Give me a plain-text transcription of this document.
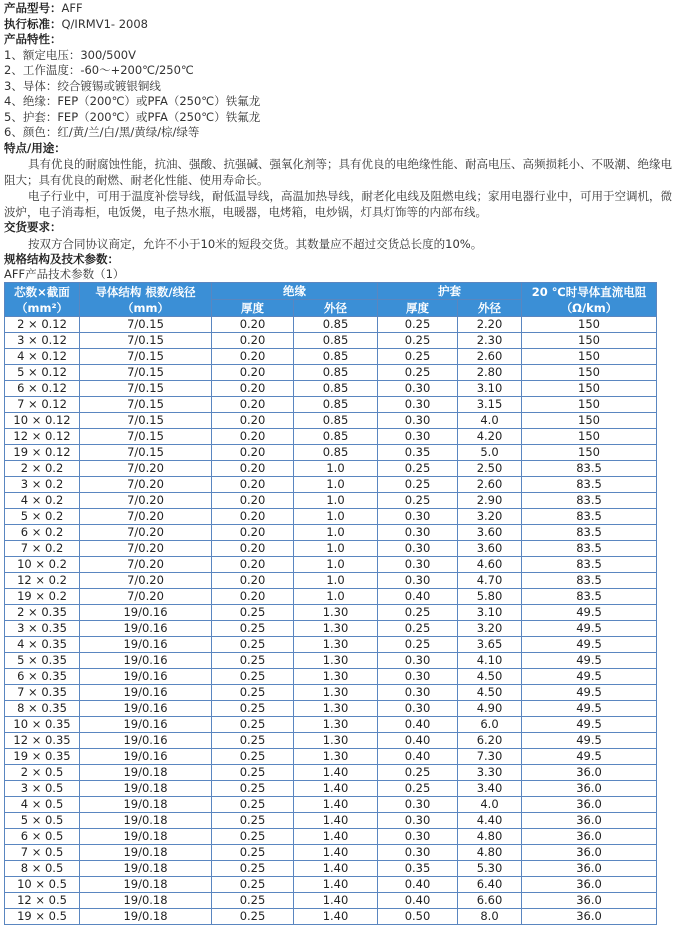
产品型号：AFF
执行标准：Q/IRMV1- 2008
产品特性：
1、额定电压：300/500V
2、工作温度：-60～+200℃/250℃
3、导体：绞合镀锡或镀银铜线
4、绝缘：FEP（200℃）或PFA（250℃）铁氟龙
5、护套：FEP（200℃）或PFA（250℃）铁氟龙
6、颜色：红/黄/兰/白/黑/黄绿/棕/绿等
特点/用途：

具有优良的耐腐蚀性能，抗油、强酸、抗强碱、强氧化剂等；具有优良的电绝缘性能、耐高电压、高频损耗小、不吸潮、绝缘电阻大；具有优良的耐燃、耐老化性能、使用寿命长。

电子行业中，可用于温度补偿导线，耐低温导线，高温加热导线，耐老化电线及阻燃电线；家用电器行业中，可用于空调机，微波炉，电子消毒柜，电饭煲，电子热水瓶，电暖器，电烤箱，电炒锅，灯具灯饰等的内部布线。

交货要求：

按双方合同协议商定，允许不小于10米的短段交货。其数量应不超过交货总长度的10%。

规格结构及技术参数：
AFF产品技术参数（1）
芯数×截面（mm²）	导体结构 根数/线径（mm）	绝缘		护套		20 ℃时导体直流电阻（Ω/km）
		厚度	外径	厚度	外径	
2 × 0.12	7/0.15	0.20	0.85	0.25	2.20	150
3 × 0.12	7/0.15	0.20	0.85	0.25	2.30	150
4 × 0.12	7/0.15	0.20	0.85	0.25	2.60	150
5 × 0.12	7/0.15	0.20	0.85	0.25	2.80	150
6 × 0.12	7/0.15	0.20	0.85	0.30	3.10	150
7 × 0.12	7/0.15	0.20	0.85	0.30	3.15	150
10 × 0.12	7/0.15	0.20	0.85	0.30	4.0	150
12 × 0.12	7/0.15	0.20	0.85	0.30	4.20	150
19 × 0.12	7/0.15	0.20	0.85	0.35	5.0	150
2 × 0.2	7/0.20	0.20	1.0	0.25	2.50	83.5
3 × 0.2	7/0.20	0.20	1.0	0.25	2.60	83.5
4 × 0.2	7/0.20	0.20	1.0	0.25	2.90	83.5
5 × 0.2	7/0.20	0.20	1.0	0.30	3.20	83.5
6 × 0.2	7/0.20	0.20	1.0	0.30	3.60	83.5
7 × 0.2	7/0.20	0.20	1.0	0.30	3.60	83.5
10 × 0.2	7/0.20	0.20	1.0	0.30	4.60	83.5
12 × 0.2	7/0.20	0.20	1.0	0.30	4.70	83.5
19 × 0.2	7/0.20	0.20	1.0	0.40	5.80	83.5
2 × 0.35	19/0.16	0.25	1.30	0.25	3.10	49.5
3 × 0.35	19/0.16	0.25	1.30	0.25	3.20	49.5
4 × 0.35	19/0.16	0.25	1.30	0.25	3.65	49.5
5 × 0.35	19/0.16	0.25	1.30	0.30	4.10	49.5
6 × 0.35	19/0.16	0.25	1.30	0.30	4.50	49.5
7 × 0.35	19/0.16	0.25	1.30	0.30	4.50	49.5
8 × 0.35	19/0.16	0.25	1.30	0.30	4.90	49.5
10 × 0.35	19/0.16	0.25	1.30	0.40	6.0	49.5
12 × 0.35	19/0.16	0.25	1.30	0.40	6.20	49.5
19 × 0.35	19/0.16	0.25	1.30	0.40	7.30	49.5
2 × 0.5	19/0.18	0.25	1.40	0.25	3.30	36.0
3 × 0.5	19/0.18	0.25	1.40	0.25	3.40	36.0
4 × 0.5	19/0.18	0.25	1.40	0.30	4.0	36.0
5 × 0.5	19/0.18	0.25	1.40	0.30	4.40	36.0
6 × 0.5	19/0.18	0.25	1.40	0.30	4.80	36.0
7 × 0.5	19/0.18	0.25	1.40	0.30	4.80	36.0
8 × 0.5	19/0.18	0.25	1.40	0.35	5.30	36.0
10 × 0.5	19/0.18	0.25	1.40	0.40	6.40	36.0
12 × 0.5	19/0.18	0.25	1.40	0.40	6.60	36.0
19 × 0.5	19/0.18	0.25	1.40	0.50	8.0	36.0
